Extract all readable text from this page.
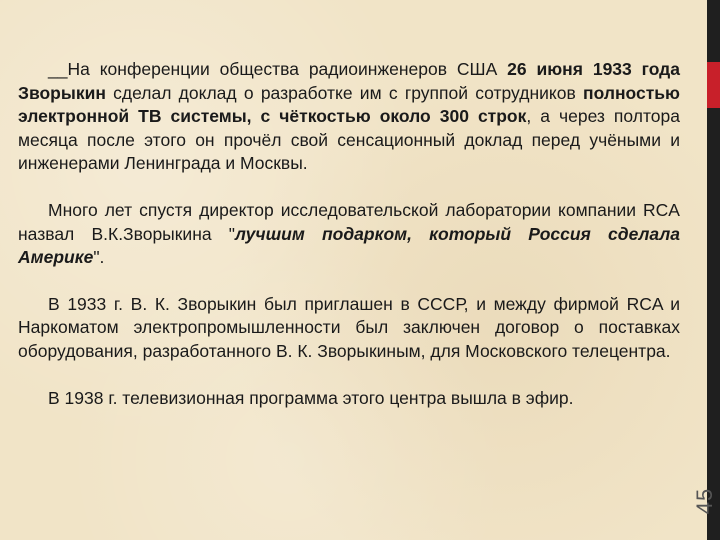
__На конференции общества радиоинженеров США 26 июня 1933 года Зворыкин сделал доклад о разработке им с группой сотрудников полностью электронной ТВ системы, с чёткостью около 300 строк, а через полтора месяца после этого он прочёл свой сенсационный доклад перед учёными и инженерами Ленинграда и Москвы.

Много лет спустя директор исследовательской лаборатории компании RCA назвал В.К.Зворыкина "лучшим подарком, который Россия сделала Америке".

В 1933 г. В. К. Зворыкин был приглашен в СССР, и между фирмой RCA и Наркоматом электропромышленности был заключен договор о поставках оборудования, разработанного В. К. Зворыкиным, для Московского телецентра.

В 1938 г. телевизионная программа этого центра вышла в эфир.

45
